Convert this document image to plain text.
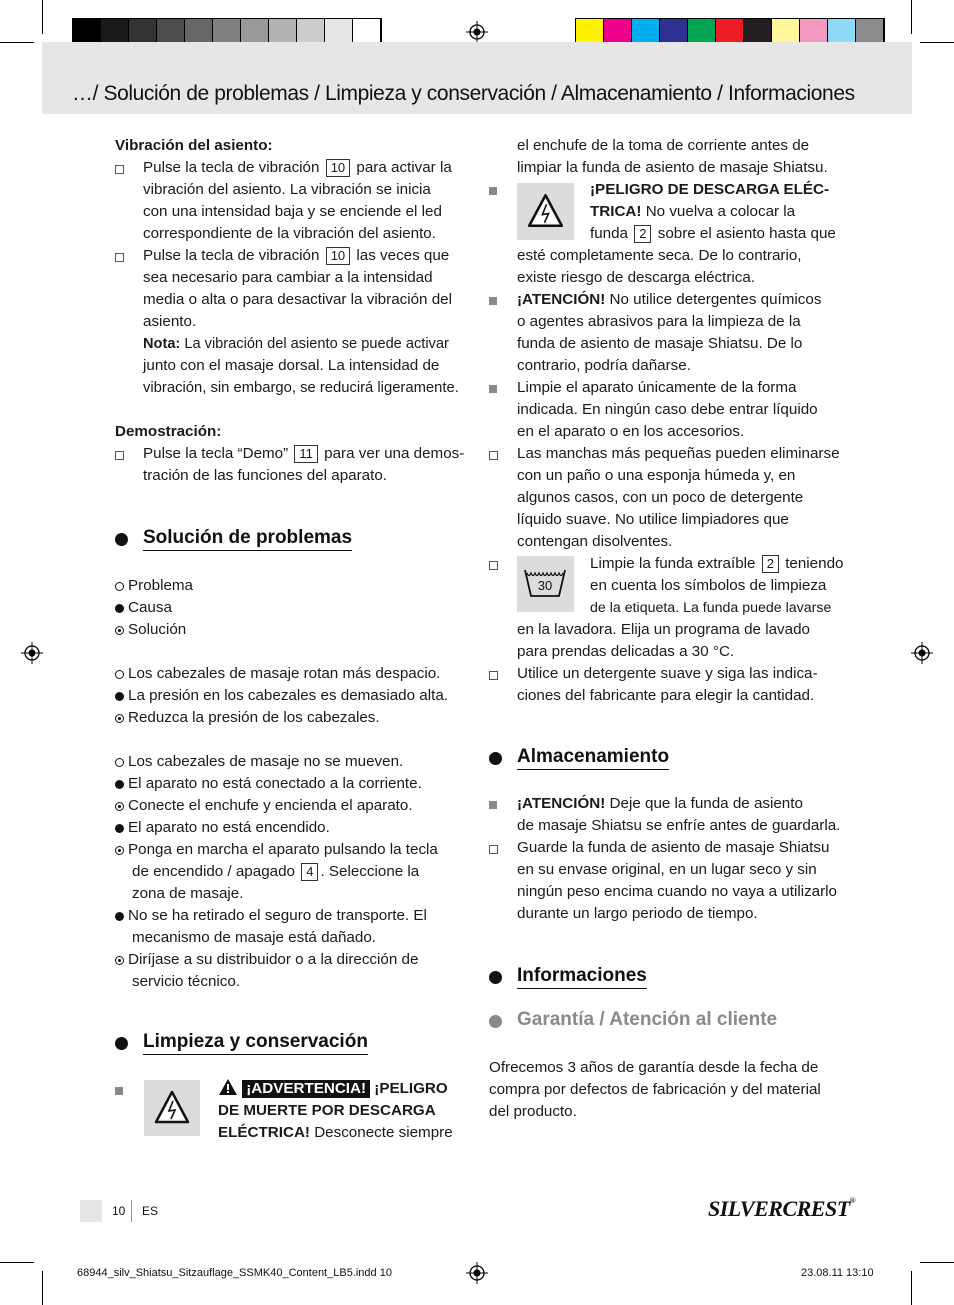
…/ Solución de problemas / Limpieza y conservación / Almacenamiento / Informaciones
Vibración del asiento:
Pulse la tecla de vibración 10 para activar la
vibración del asiento. La vibración se inicia
con una intensidad baja y se enciende el led
correspondiente de la vibración del asiento.
Pulse la tecla de vibración 10 las veces que
sea necesario para cambiar a la intensidad
media o alta o para desactivar la vibración del
asiento.
Nota: La vibración del asiento se puede activar
junto con el masaje dorsal. La intensidad de
vibración, sin embargo, se reducirá ligeramente.
Demostración:
Pulse la tecla “Demo” 11 para ver una demos-
tración de las funciones del aparato.
Solución de problemas
Problema
Causa
Solución
Los cabezales de masaje rotan más despacio.
La presión en los cabezales es demasiado alta.
Reduzca la presión de los cabezales.
Los cabezales de masaje no se mueven.
El aparato no está conectado a la corriente.
Conecte el enchufe y encienda el aparato.
El aparato no está encendido.
Ponga en marcha el aparato pulsando la tecla
de encendido / apagado 4 . Seleccione la
zona de masaje.
No se ha retirado el seguro de transporte. El
mecanismo de masaje está dañado.
Diríjase a su distribuidor o a la dirección de
servicio técnico.
Limpieza y conservación
¡ADVERTENCIA! ¡PELIGRO
DE MUERTE POR DESCARGA
ELÉCTRICA! Desconecte siempre
el enchufe de la toma de corriente antes de
limpiar la funda de asiento de masaje Shiatsu.
¡PELIGRO DE DESCARGA ELÉC-
TRICA! No vuelva a colocar la
funda 2 sobre el asiento hasta que
esté completamente seca. De lo contrario,
existe riesgo de descarga eléctrica.
¡ATENCIÓN! No utilice detergentes químicos
o agentes abrasivos para la limpieza de la
funda de asiento de masaje Shiatsu. De lo
contrario, podría dañarse.
Limpie el aparato únicamente de la forma
indicada. En ningún caso debe entrar líquido
en el aparato o en los accesorios.
Las manchas más pequeñas pueden eliminarse
con un paño o una esponja húmeda y, en
algunos casos, con un poco de detergente
líquido suave. No utilice limpiadores que
contengan disolventes.
30
Limpie la funda extraíble 2 teniendo
en cuenta los símbolos de limpieza
de la etiqueta. La funda puede lavarse
en la lavadora. Elija un programa de lavado
para prendas delicadas a 30 °C.
Utilice un detergente suave y siga las indica-
ciones del fabricante para elegir la cantidad.
Almacenamiento
¡ATENCIÓN! Deje que la funda de asiento
de masaje Shiatsu se enfríe antes de guardarla.
Guarde la funda de asiento de masaje Shiatsu
en su envase original, en un lugar seco y sin
ningún peso encima cuando no vaya a utilizarlo
durante un largo periodo de tiempo.
Informaciones
Garantía / Atención al cliente
Ofrecemos 3 años de garantía desde la fecha de
compra por defectos de fabricación y del material
del producto.
10 ES	SILVERCREST®
68944_silv_Shiatsu_Sitzauflage_SSMK40_Content_LB5.indd 10	23.08.11 13:10
